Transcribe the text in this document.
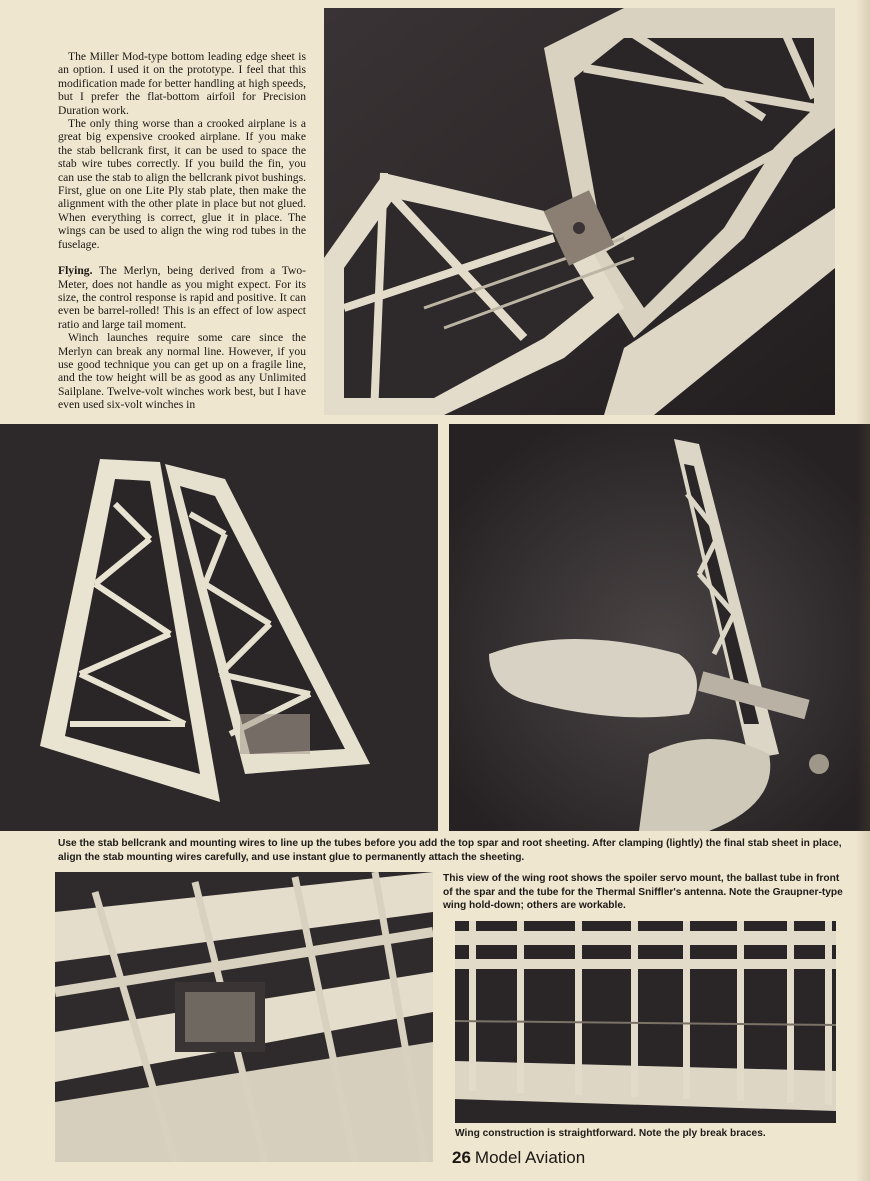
The Miller Mod-type bottom leading edge sheet is an option. I used it on the prototype. I feel that this modification made for better handling at high speeds, but I prefer the flat-bottom airfoil for Precision Duration work.

The only thing worse than a crooked airplane is a great big expensive crooked airplane. If you make the stab bellcrank first, it can be used to space the stab wire tubes correctly. If you build the fin, you can use the stab to align the bellcrank pivot bushings. First, glue on one Lite Ply stab plate, then make the alignment with the other plate in place but not glued. When everything is correct, glue it in place. The wings can be used to align the wing rod tubes in the fuselage.

Flying. The Merlyn, being derived from a Two-Meter, does not handle as you might expect. For its size, the control response is rapid and positive. It can even be barrel-rolled! This is an effect of low aspect ratio and large tail moment.

Winch launches require some care since the Merlyn can break any normal line. However, if you use good technique you can get up on a fragile line, and the tow height will be as good as any Unlimited Sailplane. Twelve-volt winches work best, but I have even used six-volt winches in

Use the stab bellcrank and mounting wires to line up the tubes before you add the top spar and root sheeting. After clamping (lightly) the final stab sheet in place, align the stab mounting wires carefully, and use instant glue to permanently attach the sheeting.
This view of the wing root shows the spoiler servo mount, the ballast tube in front of the spar and the tube for the Thermal Sniffler's antenna. Note the Graupner-type wing hold-down; others are workable.
Wing construction is straightforward. Note the ply break braces.
26 Model Aviation
